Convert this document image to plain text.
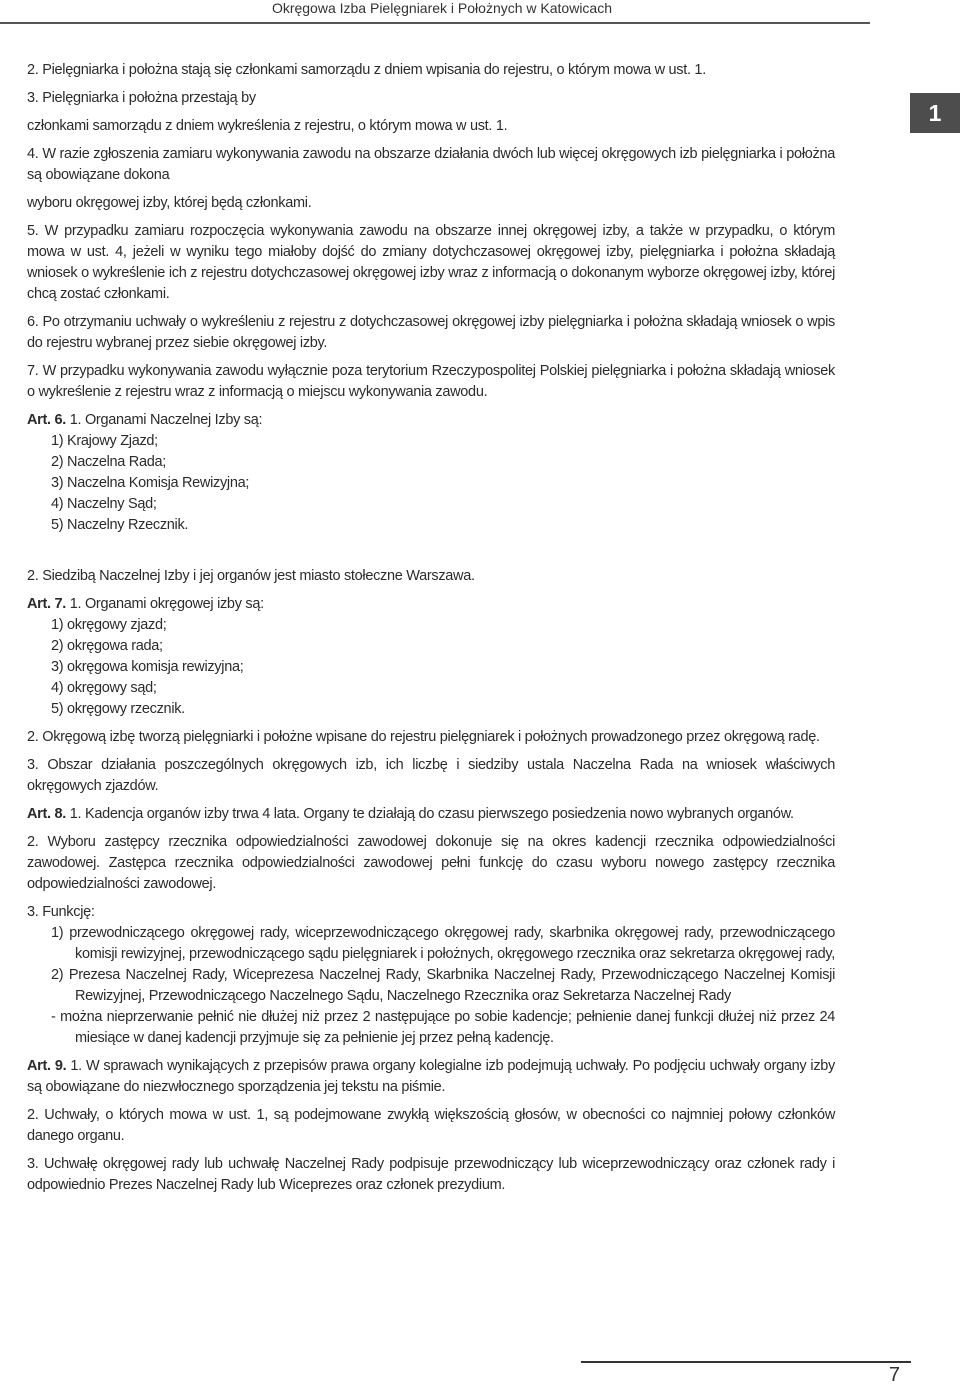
Okręgowa Izba Pielęgniarek i Położnych w Katowicach
1

2. Pielęgniarka i położna stają się członkami samorządu z dniem wpisania do rejestru, o którym mowa w ust. 1.

3. Pielęgniarka i położna przestają by

członkami samorządu z dniem wykreślenia z rejestru, o którym mowa w ust. 1.

4. W razie zgłoszenia zamiaru wykonywania zawodu na obszarze działania dwóch lub więcej okręgowych izb pielęgniarka i położna są obowiązane dokona

wyboru okręgowej izby, której będą członkami.

5. W przypadku zamiaru rozpoczęcia wykonywania zawodu na obszarze innej okręgowej izby, a także w przypadku, o którym mowa w ust. 4, jeżeli w wyniku tego miałoby dojść do zmiany dotychczasowej okręgowej izby, pielęgniarka i położna składają wniosek o wykreślenie ich z rejestru dotychczasowej okręgowej izby wraz z informacją o dokonanym wyborze okręgowej izby, której chcą zostać członkami.

6. Po otrzymaniu uchwały o wykreśleniu z rejestru z dotychczasowej okręgowej izby pielęgniarka i położna składają wniosek o wpis do rejestru wybranej przez siebie okręgowej izby.

7. W przypadku wykonywania zawodu wyłącznie poza terytorium Rzeczypospolitej Polskiej pielęgniarka i położna składają wniosek o wykreślenie z rejestru wraz z informacją o miejscu wykonywania zawodu.

Art. 6. 1. Organami Naczelnej Izby są:

1) Krajowy Zjazd;

2) Naczelna Rada;

3) Naczelna Komisja Rewizyjna;

4) Naczelny Sąd;

5) Naczelny Rzecznik.

2. Siedzibą Naczelnej Izby i jej organów jest miasto stołeczne Warszawa.

Art. 7. 1. Organami okręgowej izby są:

1) okręgowy zjazd;

2) okręgowa rada;

3) okręgowa komisja rewizyjna;

4) okręgowy sąd;

5) okręgowy rzecznik.

2. Okręgową izbę tworzą pielęgniarki i położne wpisane do rejestru pielęgniarek i położnych prowadzonego przez okręgową radę.

3. Obszar działania poszczególnych okręgowych izb, ich liczbę i siedziby ustala Naczelna Rada na wniosek właściwych okręgowych zjazdów.

Art. 8. 1. Kadencja organów izby trwa 4 lata. Organy te działają do czasu pierwszego posiedzenia nowo wybranych organów.

2. Wyboru zastępcy rzecznika odpowiedzialności zawodowej dokonuje się na okres kadencji rzecznika odpowiedzialności zawodowej. Zastępca rzecznika odpowiedzialności zawodowej pełni funkcję do czasu wyboru nowego zastępcy rzecznika odpowiedzialności zawodowej.

3. Funkcję:

1) przewodniczącego okręgowej rady, wiceprzewodniczącego okręgowej rady, skarbnika okręgowej rady, przewodniczącego komisji rewizyjnej, przewodniczącego sądu pielęgniarek i położnych, okręgowego rzecznika oraz sekretarza okręgowej rady,

2) Prezesa Naczelnej Rady, Wiceprezesa Naczelnej Rady, Skarbnika Naczelnej Rady, Przewodniczącego Naczelnej Komisji Rewizyjnej, Przewodniczącego Naczelnego Sądu, Naczelnego Rzecznika oraz Sekretarza Naczelnej Rady

- można nieprzerwanie pełnić nie dłużej niż przez 2 następujące po sobie kadencje; pełnienie danej funkcji dłużej niż przez 24 miesiące w danej kadencji przyjmuje się za pełnienie jej przez pełną kadencję.

Art. 9. 1. W sprawach wynikających z przepisów prawa organy kolegialne izb podejmują uchwały. Po podjęciu uchwały organy izby są obowiązane do niezwłocznego sporządzenia jej tekstu na piśmie.

2. Uchwały, o których mowa w ust. 1, są podejmowane zwykłą większością głosów, w obecności co najmniej połowy członków danego organu.

3. Uchwałę okręgowej rady lub uchwałę Naczelnej Rady podpisuje przewodniczący lub wiceprzewodniczący oraz członek rady i odpowiednio Prezes Naczelnej Rady lub Wiceprezes oraz członek prezydium.

7
